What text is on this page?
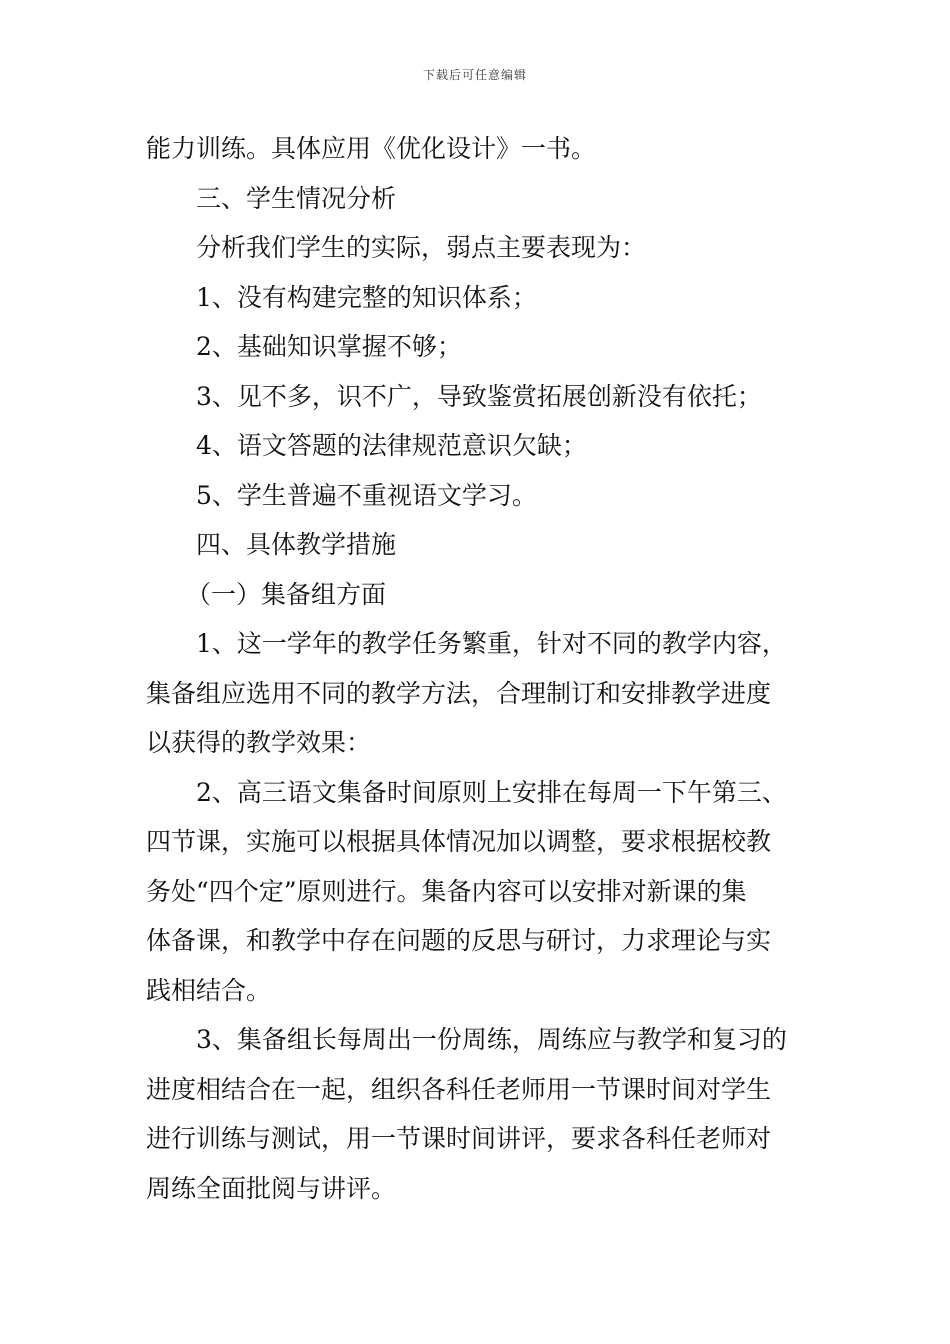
下载后可任意编辑
能力训练。具体应用《优化设计》一书。
三、学生情况分析
分析我们学生的实际，弱点主要表现为：
1、没有构建完整的知识体系；
2、基础知识掌握不够；
3、见不多，识不广，导致鉴赏拓展创新没有依托；
4、语文答题的法律规范意识欠缺；
5、学生普遍不重视语文学习。
四、具体教学措施
（一）集备组方面
1、这一学年的教学任务繁重，针对不同的教学内容，
集备组应选用不同的教学方法，合理制订和安排教学进度
以获得的教学效果：
2、高三语文集备时间原则上安排在每周一下午第三、
四节课，实施可以根据具体情况加以调整，要求根据校教
务处“四个定”原则进行。集备内容可以安排对新课的集
体备课，和教学中存在问题的反思与研讨，力求理论与实
践相结合。
3、集备组长每周出一份周练，周练应与教学和复习的
进度相结合在一起，组织各科任老师用一节课时间对学生
进行训练与测试，用一节课时间讲评，要求各科任老师对
周练全面批阅与讲评。
